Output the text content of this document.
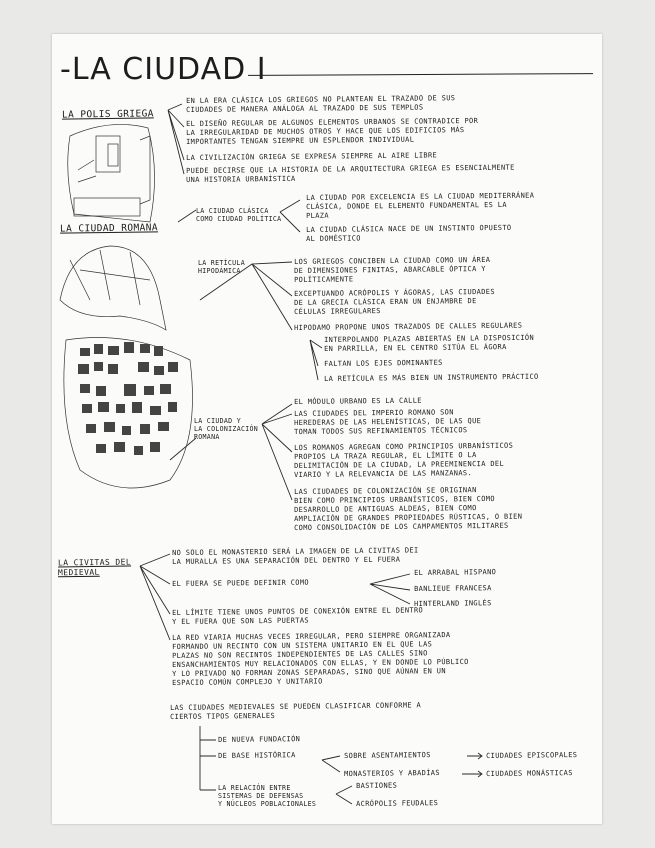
-LA CIUDAD I
LA POLIS GRIEGA
EN LA ERA CLÁSICA LOS GRIEGOS NO PLANTEAN EL TRAZADO DE SUS
CIUDADES DE MANERA ANÁLOGA AL TRAZADO DE SUS TEMPLOS
EL DISEÑO REGULAR DE ALGUNOS ELEMENTOS URBANOS SE CONTRADICE POR
LA IRREGULARIDAD DE MUCHOS OTROS Y HACE QUE LOS EDIFICIOS MÁS
IMPORTANTES TENGAN SIEMPRE UN ESPLENDOR INDIVIDUAL
LA CIVILIZACIÓN GRIEGA SE EXPRESA SIEMPRE AL AIRE LIBRE
PUEDE DECIRSE QUE LA HISTORIA DE LA ARQUITECTURA GRIEGA ES ESENCIALMENTE
UNA HISTORIA URBANÍSTICA
LA CIUDAD ROMANA
LA CIUDAD CLÁSICA
COMO CIUDAD POLÍTICA
LA CIUDAD POR EXCELENCIA ES LA CIUDAD MEDITERRÁNEA
CLÁSICA, DONDE EL ELEMENTO FUNDAMENTAL ES LA
PLAZA
LA CIUDAD CLÁSICA NACE DE UN INSTINTO OPUESTO
AL DOMÉSTICO
LA RETÍCULA
HIPODÁMICA
LOS GRIEGOS CONCIBEN LA CIUDAD COMO UN ÁREA
DE DIMENSIONES FINITAS, ABARCABLE ÓPTICA Y
POLÍTICAMENTE
EXCEPTUANDO ACRÓPOLIS Y ÁGORAS, LAS CIUDADES
DE LA GRECIA CLÁSICA ERAN UN ENJAMBRE DE
CÉLULAS IRREGULARES
HIPODAMO PROPONE UNOS TRAZADOS DE CALLES REGULARES
INTERPOLANDO PLAZAS ABIERTAS EN LA DISPOSICIÓN
EN PARRILLA, EN EL CENTRO SITÚA EL ÁGORA
FALTAN LOS EJES DOMINANTES
LA RETÍCULA ES MÁS BIEN UN INSTRUMENTO PRÁCTICO
LA CIUDAD Y
LA COLONIZACIÓN
ROMANA
EL MÓDULO URBANO ES LA CALLE
LAS CIUDADES DEL IMPERIO ROMANO SON
HEREDERAS DE LAS HELENÍSTICAS, DE LAS QUE
TOMAN TODOS SUS REFINAMIENTOS TÉCNICOS
LOS ROMANOS AGREGAN COMO PRINCIPIOS URBANÍSTICOS
PROPIOS LA TRAZA REGULAR, EL LÍMITE O LA
DELIMITACIÓN DE LA CIUDAD, LA PREEMINENCIA DEL
VIARIO Y LA RELEVANCIA DE LAS MANZANAS.
LAS CIUDADES DE COLONIZACIÓN SE ORIGINAN
BIEN COMO PRINCIPIOS URBANÍSTICOS, BIEN COMO
DESARROLLO DE ANTIGUAS ALDEAS, BIEN COMO
AMPLIACIÓN DE GRANDES PROPIEDADES RÚSTICAS, O BIEN
COMO CONSOLIDACIÓN DE LOS CAMPAMENTOS MILITARES
LA CIVITAS DEL
MEDIEVAL
NO SOLO EL MONASTERIO SERÁ LA IMAGEN DE LA CIVITAS DEI
LA MURALLA ES UNA SEPARACIÓN DEL DENTRO Y EL FUERA
EL FUERA SE PUEDE DEFINIR COMO
EL ARRABAL HISPANO
BANLIEUE FRANCESA
HINTERLAND INGLÉS
EL LÍMITE TIENE UNOS PUNTOS DE CONEXIÓN ENTRE EL DENTRO
Y EL FUERA QUE SON LAS PUERTAS
LA RED VIARIA MUCHAS VECES IRREGULAR, PERO SIEMPRE ORGANIZADA
FORMANDO UN RECINTO CON UN SISTEMA UNITARIO EN EL QUE LAS
PLAZAS NO SON RECINTOS INDEPENDIENTES DE LAS CALLES SINO
ENSANCHAMIENTOS MUY RELACIONADOS CON ELLAS, Y EN DONDE LO PÚBLICO
Y LO PRIVADO NO FORMAN ZONAS SEPARADAS, SINO QUE AÚNAN EN UN
ESPACIO COMÚN COMPLEJO Y UNITARIO
LAS CIUDADES MEDIEVALES SE PUEDEN CLASIFICAR CONFORME A
CIERTOS TIPOS GENERALES
DE NUEVA FUNDACIÓN
DE BASE HISTÓRICA	SOBRE ASENTAMIENTOS	CIUDADES EPISCOPALES
MONASTERIOS Y ABADÍAS	CIUDADES MONÁSTICAS
LA RELACIÓN ENTRE
SISTEMAS DE DEFENSAS
Y NÚCLEOS POBLACIONALES
BASTIONES
ACRÓPOLIS FEUDALES
